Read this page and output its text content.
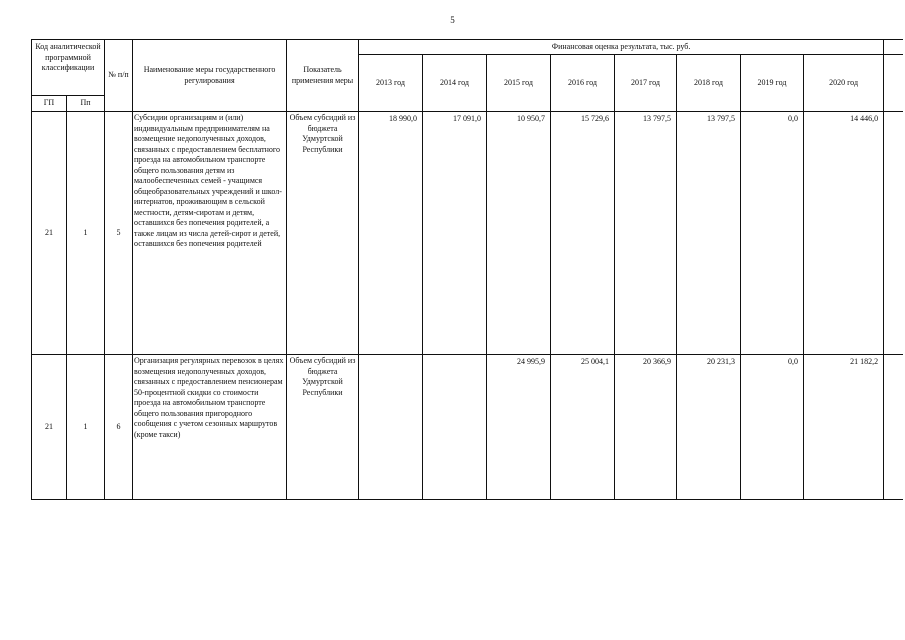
5
Код аналитической программной классификации		№ п/п	Наименование меры государственного регулирования	Показатель применения меры	Финансовая оценка результата, тыс. руб.								
					2013 год	2014 год	2015 год	2016 год	2017 год	2018 год	2019 год	2020 год	
ГП	Пп												
21	1	5	Субсидии организациям и (или) индивидуальным предпринимателям на возмещение недополученных доходов, связанных с предоставлением бесплатного проезда на автомобильном транспорте общего пользования детям из малообеспеченных семей - учащимся общеобразовательных учреждений и школ-интернатов, проживающим в сельской местности, детям-сиротам и детям, оставшихся без попечения родителей, а также лицам из числа детей-сирот и детей, оставшихся без попечения родителей	Объем субсидий из бюджета Удмуртской Республики	18 990,0	17 091,0	10 950,7	15 729,6	13 797,5	13 797,5	0,0	14 446,0	
21	1	6	Организация регулярных перевозок в целях возмещения недополученных доходов, связанных с предоставлением пенсионерам 50-процентной скидки со стоимости проезда на автомобильном транспорте общего пользования пригородного сообщения с учетом сезонных маршрутов (кроме такси)	Объем субсидий из бюджета Удмуртской Республики			24 995,9	25 004,1	20 366,9	20 231,3	0,0	21 182,2	
